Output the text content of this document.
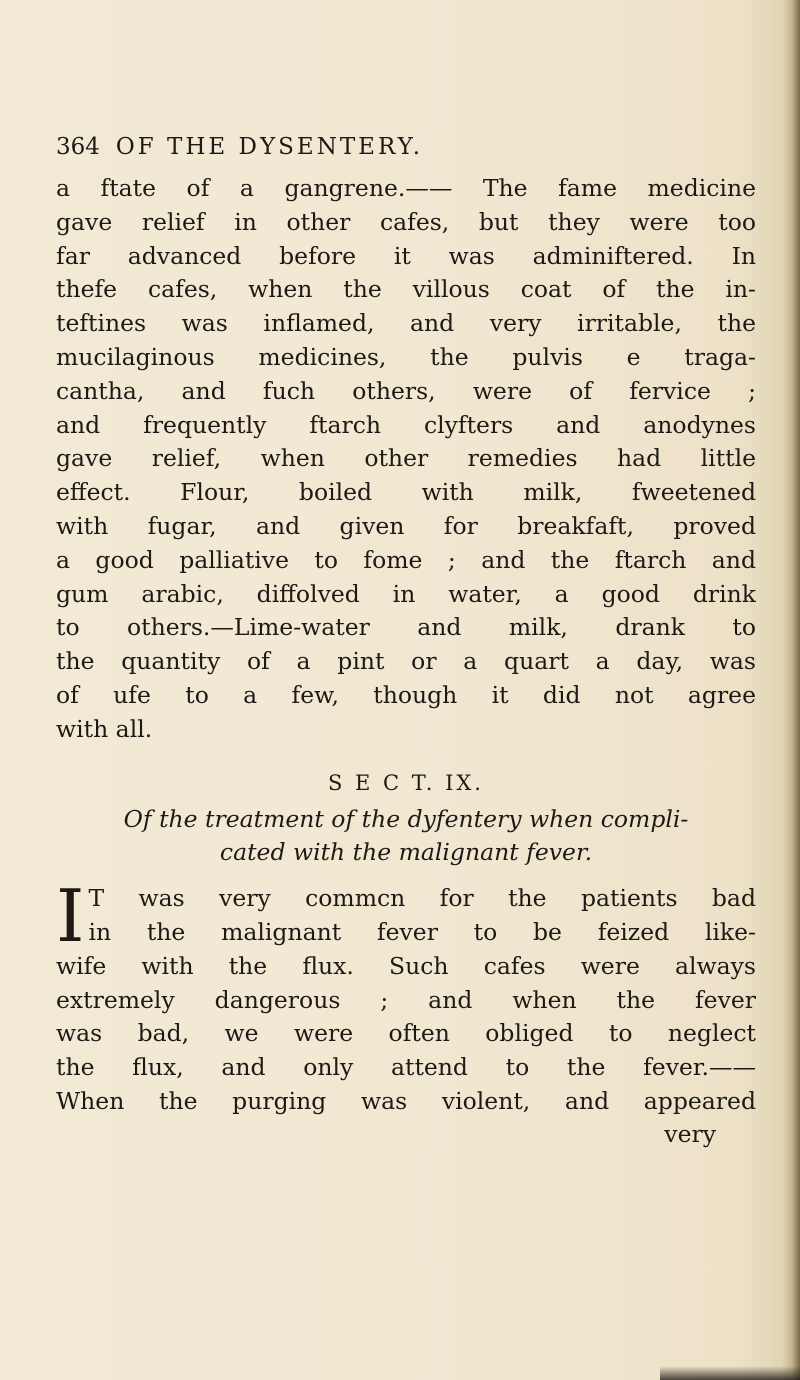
364 OF THE DYSENTERY.
a ftate of a gangrene.—— The fame medicine
gave relief in other cafes, but they were too
far advanced before it was adminiftered. In
thefe cafes, when the villous coat of the in-
teftines was inflamed, and very irritable, the
mucilaginous medicines, the pulvis e traga-
cantha, and fuch others, were of fervice ;
and frequently ftarch clyfters and anodynes
gave relief, when other remedies had little
effect. Flour, boiled with milk, fweetened
with fugar, and given for breakfaft, proved
a good palliative to fome ; and the ftarch and
gum arabic, diffolved in water, a good drink
to others.—Lime-water and milk, drank to
the quantity of a pint or a quart a day, was
of ufe to a few, though it did not agree
with all.
S E C T. IX.
Of the treatment of the dyfentery when compli-
cated with the malignant fever.
I T was very commcn for the patients bad
in the malignant fever to be feized like-
wife with the flux. Such cafes were always
extremely dangerous ; and when the fever
was bad, we were often obliged to neglect
the flux, and only attend to the fever.——
When the purging was violent, and appeared
very
